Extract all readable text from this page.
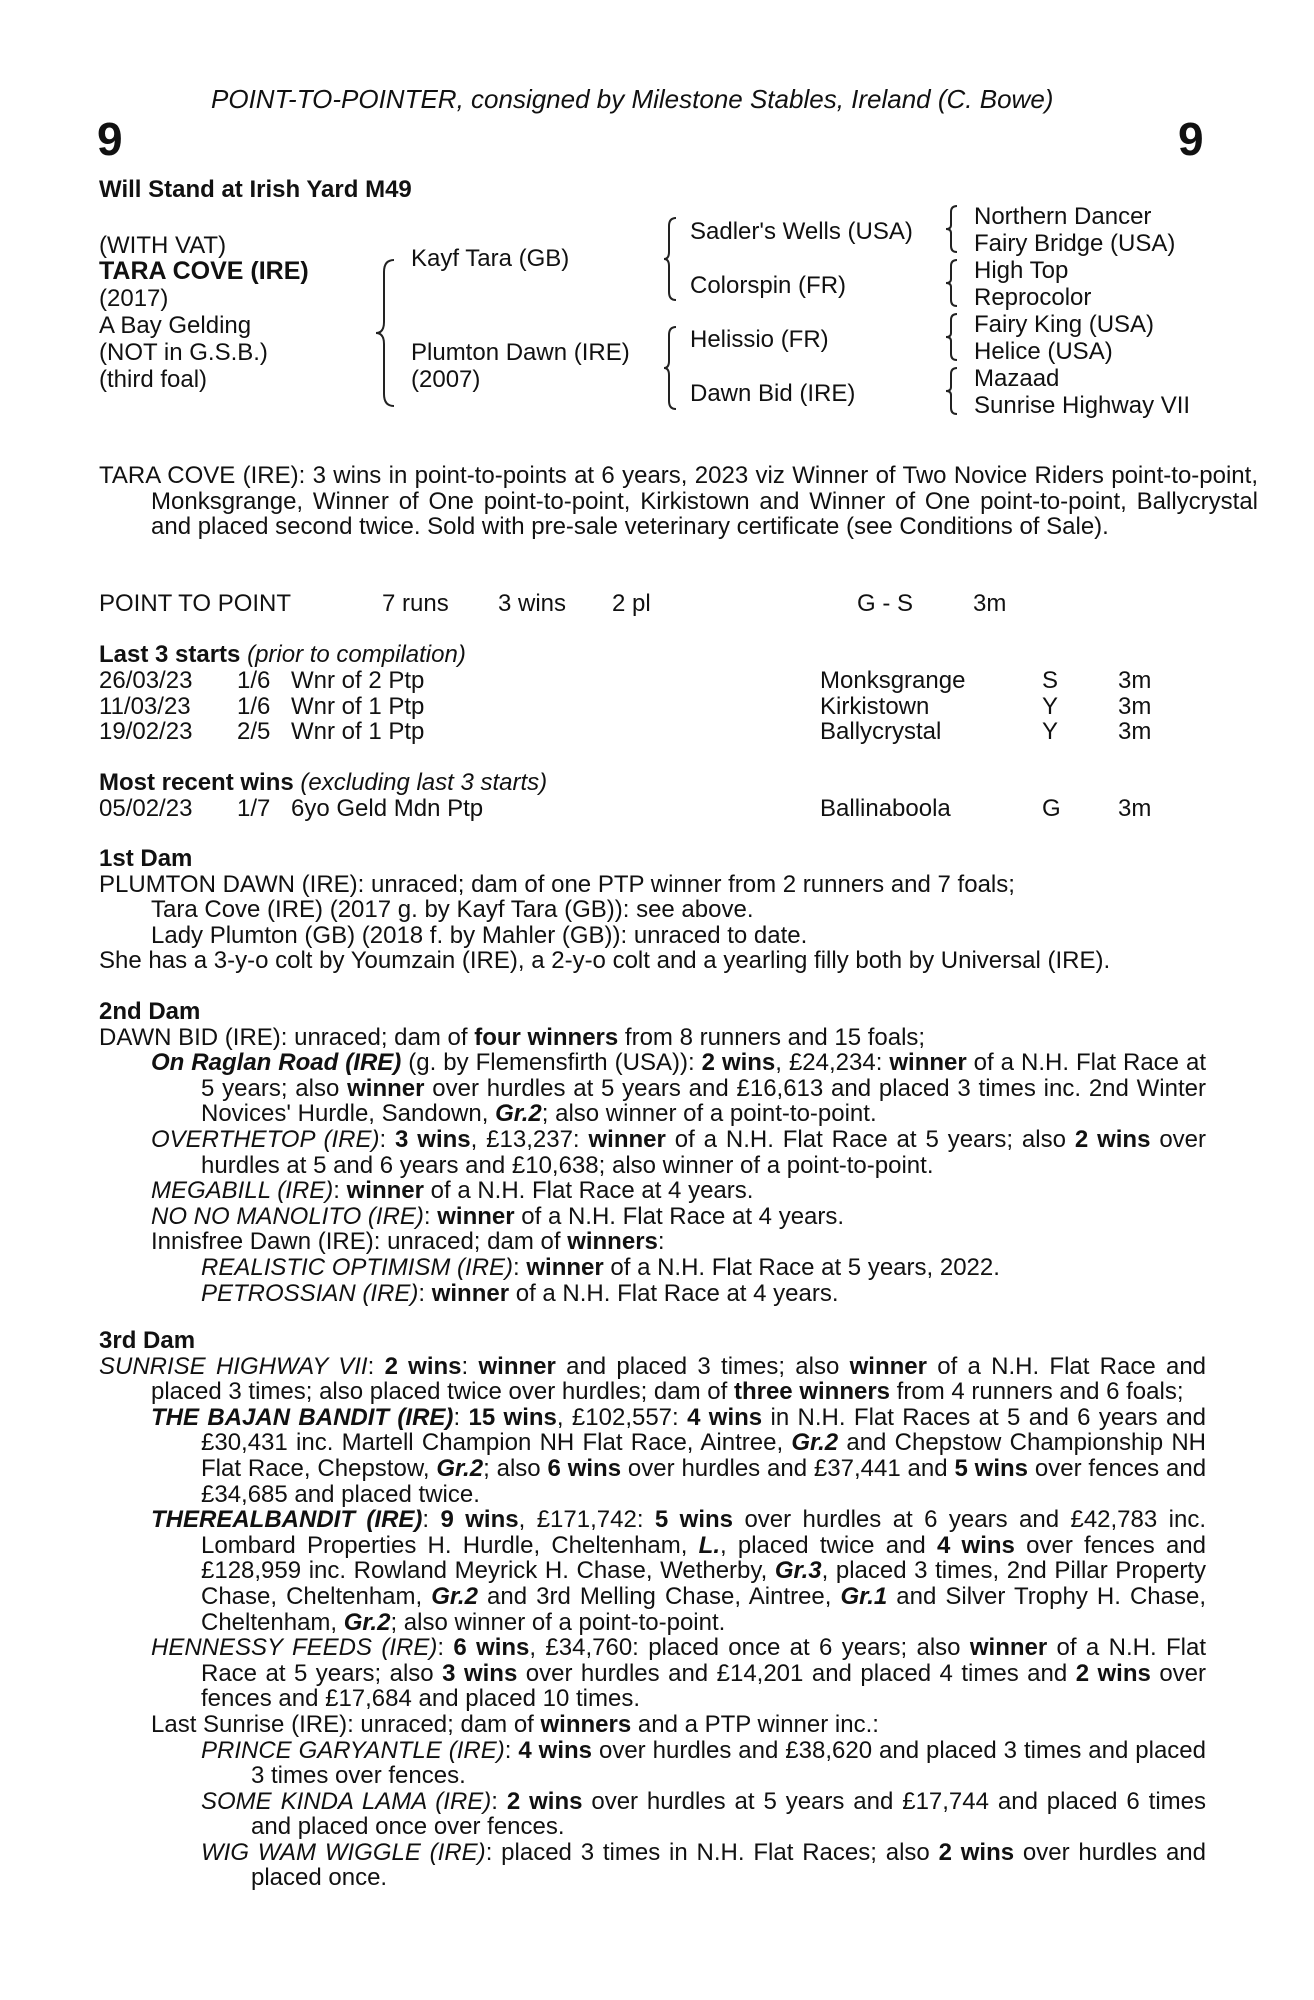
POINT-TO-POINTER, consigned by Milestone Stables, Ireland (C. Bowe)
9	9
Will Stand at Irish Yard M49
(WITH VAT)
TARA COVE (IRE)
(2017)
A Bay Gelding
(NOT in G.S.B.)
(third foal)
Kayf Tara (GB)
Plumton Dawn (IRE)
(2007)
Sadler's Wells (USA)
Colorspin (FR)
Helissio (FR)
Dawn Bid (IRE)
Northern Dancer
Fairy Bridge (USA)
High Top
Reprocolor
Fairy King (USA)
Helice (USA)
Mazaad
Sunrise Highway VII
TARA COVE (IRE): 3 wins in point-to-points at 6 years, 2023 viz Winner of Two Novice Riders point-to-point, Monksgrange, Winner of One point-to-point, Kirkistown and Winner of One point-to-point, Ballycrystal and placed second twice. Sold with pre-sale veterinary certificate (see Conditions of Sale).
POINT TO POINT	7 runs 3 wins 2 pl	G - S 3m
Last 3 starts (prior to compilation)
26/03/23 1/6 Wnr of 2 Ptp	Monksgrange	S 3m
11/03/23 1/6 Wnr of 1 Ptp	Kirkistown	Y 3m
19/02/23 2/5 Wnr of 1 Ptp	Ballycrystal	Y 3m
Most recent wins (excluding last 3 starts)
05/02/23 1/7 6yo Geld Mdn Ptp	Ballinaboola	G 3m
1st Dam
PLUMTON DAWN (IRE): unraced; dam of one PTP winner from 2 runners and 7 foals;
Tara Cove (IRE) (2017 g. by Kayf Tara (GB)): see above.
Lady Plumton (GB) (2018 f. by Mahler (GB)): unraced to date.
She has a 3-y-o colt by Youmzain (IRE), a 2-y-o colt and a yearling filly both by Universal (IRE).
2nd Dam
DAWN BID (IRE): unraced; dam of four winners from 8 runners and 15 foals;
On Raglan Road (IRE) (g. by Flemensfirth (USA)): 2 wins, £24,234: winner of a N.H. Flat Race at 5 years; also winner over hurdles at 5 years and £16,613 and placed 3 times inc. 2nd Winter Novices' Hurdle, Sandown, Gr.2; also winner of a point-to-point.
OVERTHETOP (IRE): 3 wins, £13,237: winner of a N.H. Flat Race at 5 years; also 2 wins over hurdles at 5 and 6 years and £10,638; also winner of a point-to-point.
MEGABILL (IRE): winner of a N.H. Flat Race at 4 years.
NO NO MANOLITO (IRE): winner of a N.H. Flat Race at 4 years.
Innisfree Dawn (IRE): unraced; dam of winners:
REALISTIC OPTIMISM (IRE): winner of a N.H. Flat Race at 5 years, 2022.
PETROSSIAN (IRE): winner of a N.H. Flat Race at 4 years.
3rd Dam
SUNRISE HIGHWAY VII: 2 wins: winner and placed 3 times; also winner of a N.H. Flat Race and placed 3 times; also placed twice over hurdles; dam of three winners from 4 runners and 6 foals;
THE BAJAN BANDIT (IRE): 15 wins, £102,557: 4 wins in N.H. Flat Races at 5 and 6 years and £30,431 inc. Martell Champion NH Flat Race, Aintree, Gr.2 and Chepstow Championship NH Flat Race, Chepstow, Gr.2; also 6 wins over hurdles and £37,441 and 5 wins over fences and £34,685 and placed twice.
THEREALBANDIT (IRE): 9 wins, £171,742: 5 wins over hurdles at 6 years and £42,783 inc. Lombard Properties H. Hurdle, Cheltenham, L., placed twice and 4 wins over fences and £128,959 inc. Rowland Meyrick H. Chase, Wetherby, Gr.3, placed 3 times, 2nd Pillar Property Chase, Cheltenham, Gr.2 and 3rd Melling Chase, Aintree, Gr.1 and Silver Trophy H. Chase, Cheltenham, Gr.2; also winner of a point-to-point.
HENNESSY FEEDS (IRE): 6 wins, £34,760: placed once at 6 years; also winner of a N.H. Flat Race at 5 years; also 3 wins over hurdles and £14,201 and placed 4 times and 2 wins over fences and £17,684 and placed 10 times.
Last Sunrise (IRE): unraced; dam of winners and a PTP winner inc.:
PRINCE GARYANTLE (IRE): 4 wins over hurdles and £38,620 and placed 3 times and placed 3 times over fences.
SOME KINDA LAMA (IRE): 2 wins over hurdles at 5 years and £17,744 and placed 6 times and placed once over fences.
WIG WAM WIGGLE (IRE): placed 3 times in N.H. Flat Races; also 2 wins over hurdles and placed once.
